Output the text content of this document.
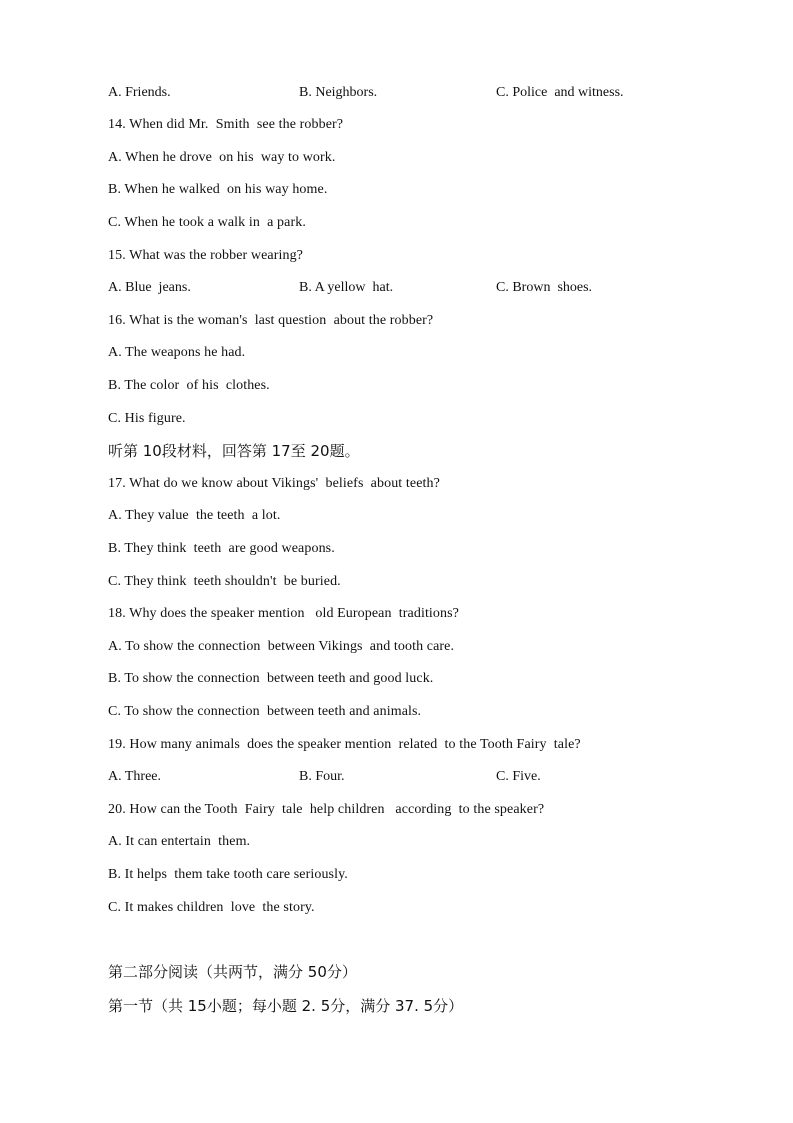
A. Friends.	B. Neighbors.	C. Police  and witness.
14. When did Mr.  Smith  see the robber?
A. When he drove  on his  way to work.
B. When he walked  on his way home.
C. When he took a walk in  a park.
15. What was the robber wearing?
A. Blue  jeans.	B. A yellow  hat.	C. Brown  shoes.
16. What is the woman's  last question  about the robber?
A. The weapons he had.
B. The color  of his  clothes.
C. His figure.
听第 10段材料，回答第 17至 20题。
17. What do we know about Vikings'  beliefs  about teeth?
A. They value  the teeth  a lot.
B. They think  teeth  are good weapons.
C. They think  teeth shouldn't  be buried.
18. Why does the speaker mention   old European  traditions?
A. To show the connection  between Vikings  and tooth care.
B. To show the connection  between teeth and good luck.
C. To show the connection  between teeth and animals.
19. How many animals  does the speaker mention  related  to the Tooth Fairy  tale?
A. Three.	B. Four.	C. Five.
20. How can the Tooth  Fairy  tale  help children   according  to the speaker?
A. It can entertain  them.
B. It helps  them take tooth care seriously.
C. It makes children  love  the story.
第二部分阅读（共两节，满分 50分）
第一节（共 15小题；每小题 2. 5分，满分 37. 5分）
